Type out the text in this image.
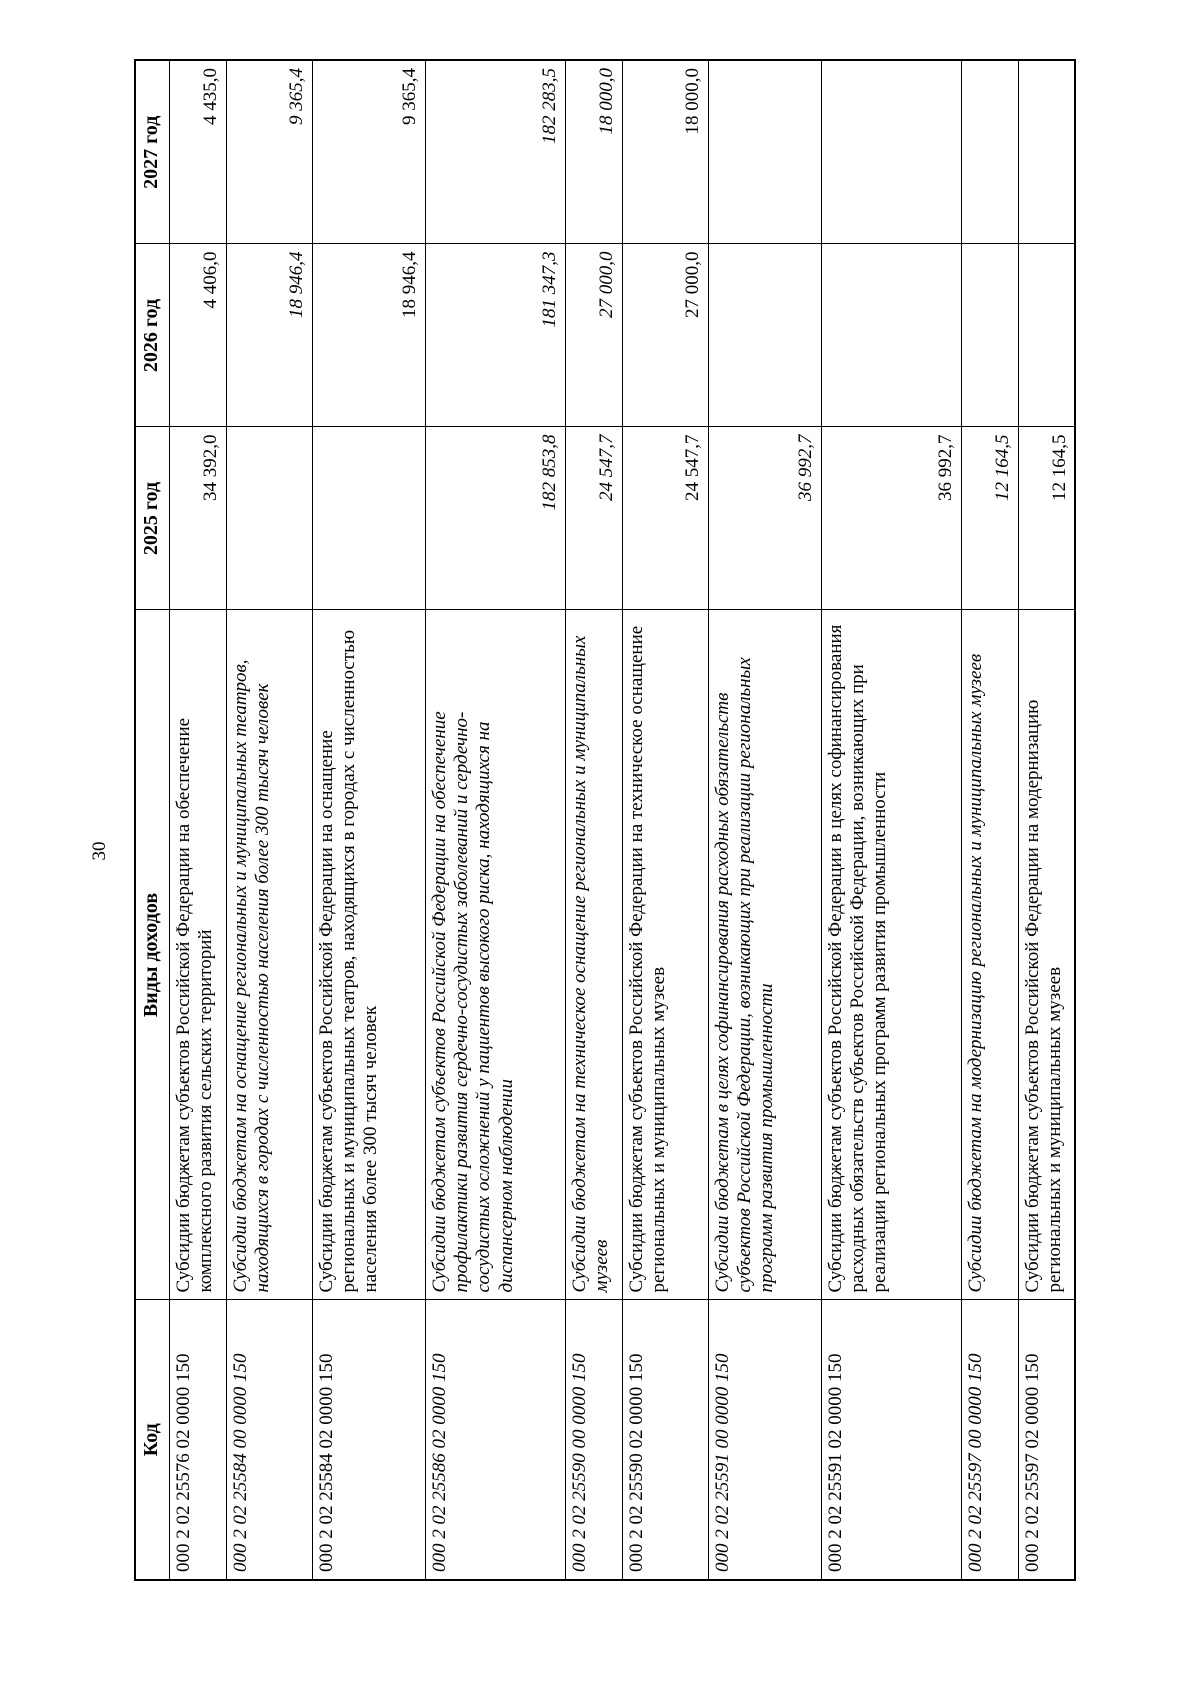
30
Код	Виды доходов	2025 год	2026 год	2027 год
000 2 02 25576 02 0000 150	Субсидии бюджетам субъектов Российской Федерации на обеспечение комплексного развития сельских территорий	34 392,0	4 406,0	4 435,0
000 2 02 25584 00 0000 150	Субсидии бюджетам на оснащение региональных и муниципальных театров, находящихся в городах с численностью населения более 300 тысяч человек		18 946,4	9 365,4
000 2 02 25584 02 0000 150	Субсидии бюджетам субъектов Российской Федерации на оснащение региональных и муниципальных театров, находящихся в городах с численностью населения более 300 тысяч человек		18 946,4	9 365,4
000 2 02 25586 02 0000 150	Субсидии бюджетам субъектов Российской Федерации на обеспечение профилактики развития сердечно-сосудистых заболеваний и сердечно-сосудистых осложнений у пациентов высокого риска, находящихся на диспансерном наблюдении	182 853,8	181 347,3	182 283,5
000 2 02 25590 00 0000 150	Субсидии бюджетам на техническое оснащение региональных и муниципальных музеев	24 547,7	27 000,0	18 000,0
000 2 02 25590 02 0000 150	Субсидии бюджетам субъектов Российской Федерации на техническое оснащение региональных и муниципальных музеев	24 547,7	27 000,0	18 000,0
000 2 02 25591 00 0000 150	Субсидии бюджетам в целях софинансирования расходных обязательств субъектов Российской Федерации, возникающих при реализации региональных программ развития промышленности	36 992,7		
000 2 02 25591 02 0000 150	Субсидии бюджетам субъектов Российской Федерации в целях софинансирования расходных обязательств субъектов Российской Федерации, возникающих при реализации региональных программ развития промышленности	36 992,7		
000 2 02 25597 00 0000 150	Субсидии бюджетам на модернизацию региональных и муниципальных музеев	12 164,5		
000 2 02 25597 02 0000 150	Субсидии бюджетам субъектов Российской Федерации на модернизацию региональных и муниципальных музеев	12 164,5		
